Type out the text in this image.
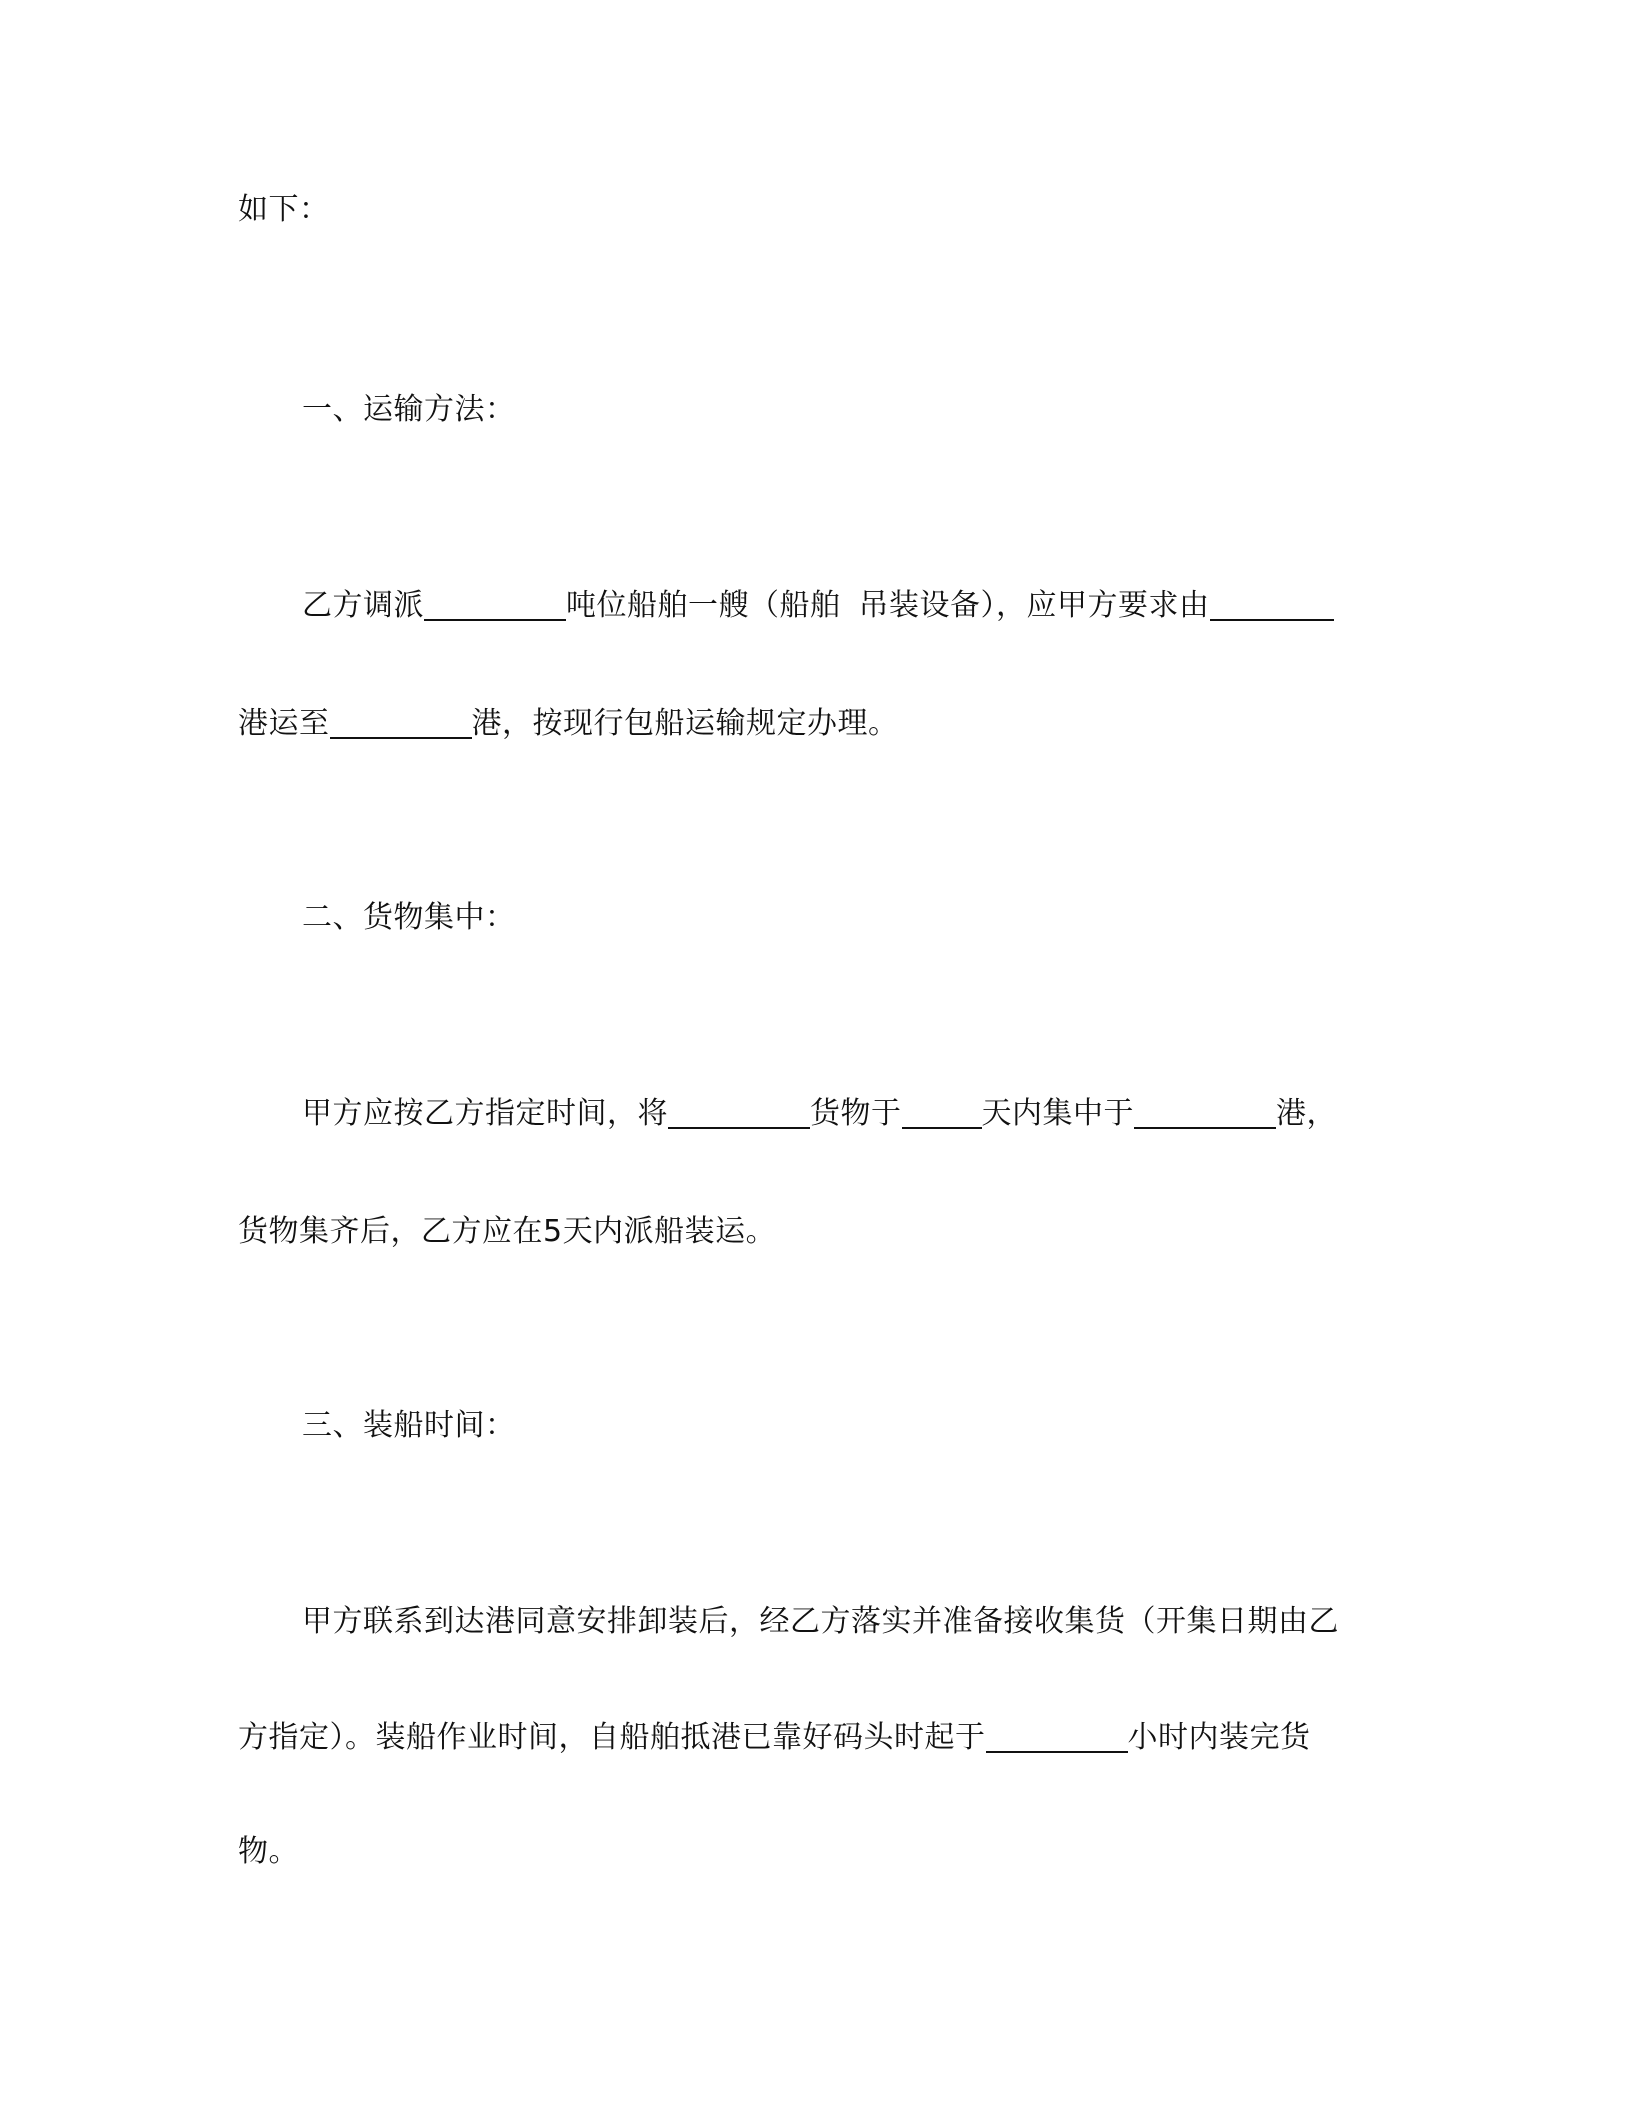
如下：
一、运输方法：
乙方调派	吨位船舶一艘（船舶 吊装设备），应甲方要求由
港运至	港，按现行包船运输规定办理。
二、货物集中：
甲方应按乙方指定时间，将	货物于	天内集中于	港，
货物集齐后，乙方应在5天内派船装运。
三、装船时间：
甲方联系到达港同意安排卸装后，经乙方落实并准备接收集货（开集日期由乙
方指定）。装船作业时间，自船舶抵港已靠好码头时起于	小时内装完货
物。
